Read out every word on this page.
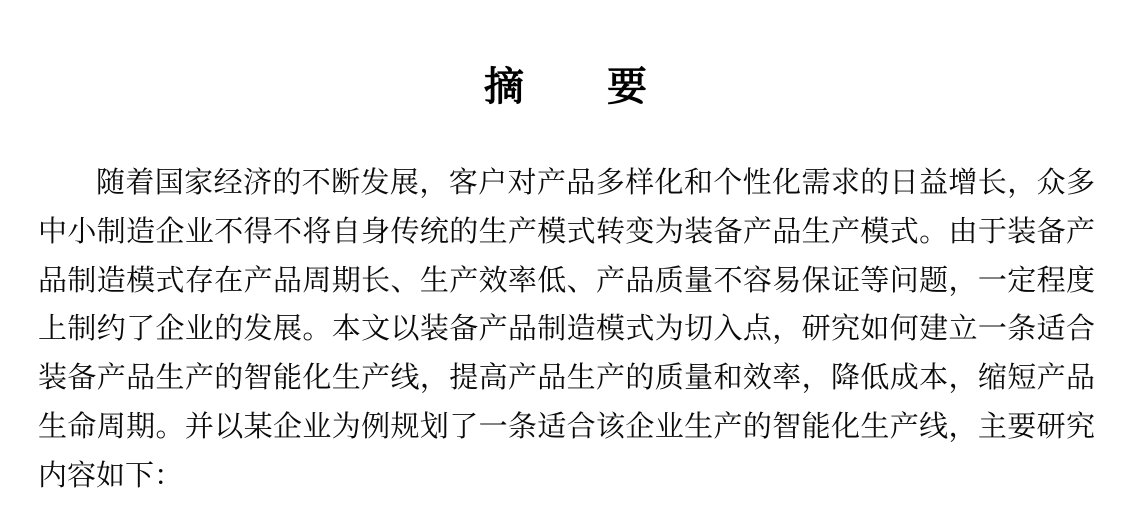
摘　　要

随着国家经济的不断发展，客户对产品多样化和个性化需求的日益增长，众多中小制造企业不得不将自身传统的生产模式转变为装备产品生产模式。由于装备产品制造模式存在产品周期长、生产效率低、产品质量不容易保证等问题，一定程度上制约了企业的发展。本文以装备产品制造模式为切入点，研究如何建立一条适合装备产品生产的智能化生产线，提高产品生产的质量和效率，降低成本，缩短产品生命周期。并以某企业为例规划了一条适合该企业生产的智能化生产线，主要研究内容如下：
